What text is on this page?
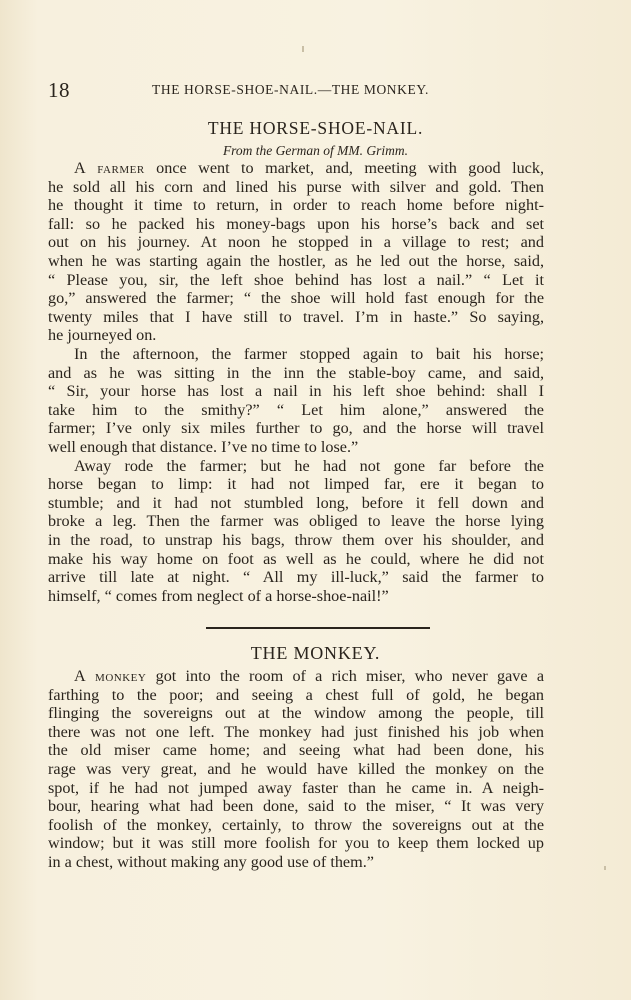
18	THE HORSE-SHOE-NAIL.—THE MONKEY.
THE HORSE-SHOE-NAIL.
From the German of MM. Grimm.
A farmer once went to market, and, meeting with good luck,
he sold all his corn and lined his purse with silver and gold. Then
he thought it time to return, in order to reach home before night-
fall: so he packed his money-bags upon his horse’s back and set
out on his journey. At noon he stopped in a village to rest; and
when he was starting again the hostler, as he led out the horse, said,
“ Please you, sir, the left shoe behind has lost a nail.” “ Let it
go,” answered the farmer; “ the shoe will hold fast enough for the
twenty miles that I have still to travel. I’m in haste.” So saying,
he journeyed on.
In the afternoon, the farmer stopped again to bait his horse;
and as he was sitting in the inn the stable-boy came, and said,
“ Sir, your horse has lost a nail in his left shoe behind: shall I
take him to the smithy?” “ Let him alone,” answered the
farmer; I’ve only six miles further to go, and the horse will travel
well enough that distance. I’ve no time to lose.”
Away rode the farmer; but he had not gone far before the
horse began to limp: it had not limped far, ere it began to
stumble; and it had not stumbled long, before it fell down and
broke a leg. Then the farmer was obliged to leave the horse lying
in the road, to unstrap his bags, throw them over his shoulder, and
make his way home on foot as well as he could, where he did not
arrive till late at night. “ All my ill-luck,” said the farmer to
himself, “ comes from neglect of a horse-shoe-nail!”
THE MONKEY.
A monkey got into the room of a rich miser, who never gave a
farthing to the poor; and seeing a chest full of gold, he began
flinging the sovereigns out at the window among the people, till
there was not one left. The monkey had just finished his job when
the old miser came home; and seeing what had been done, his
rage was very great, and he would have killed the monkey on the
spot, if he had not jumped away faster than he came in. A neigh-
bour, hearing what had been done, said to the miser, “ It was very
foolish of the monkey, certainly, to throw the sovereigns out at the
window; but it was still more foolish for you to keep them locked up
in a chest, without making any good use of them.”
